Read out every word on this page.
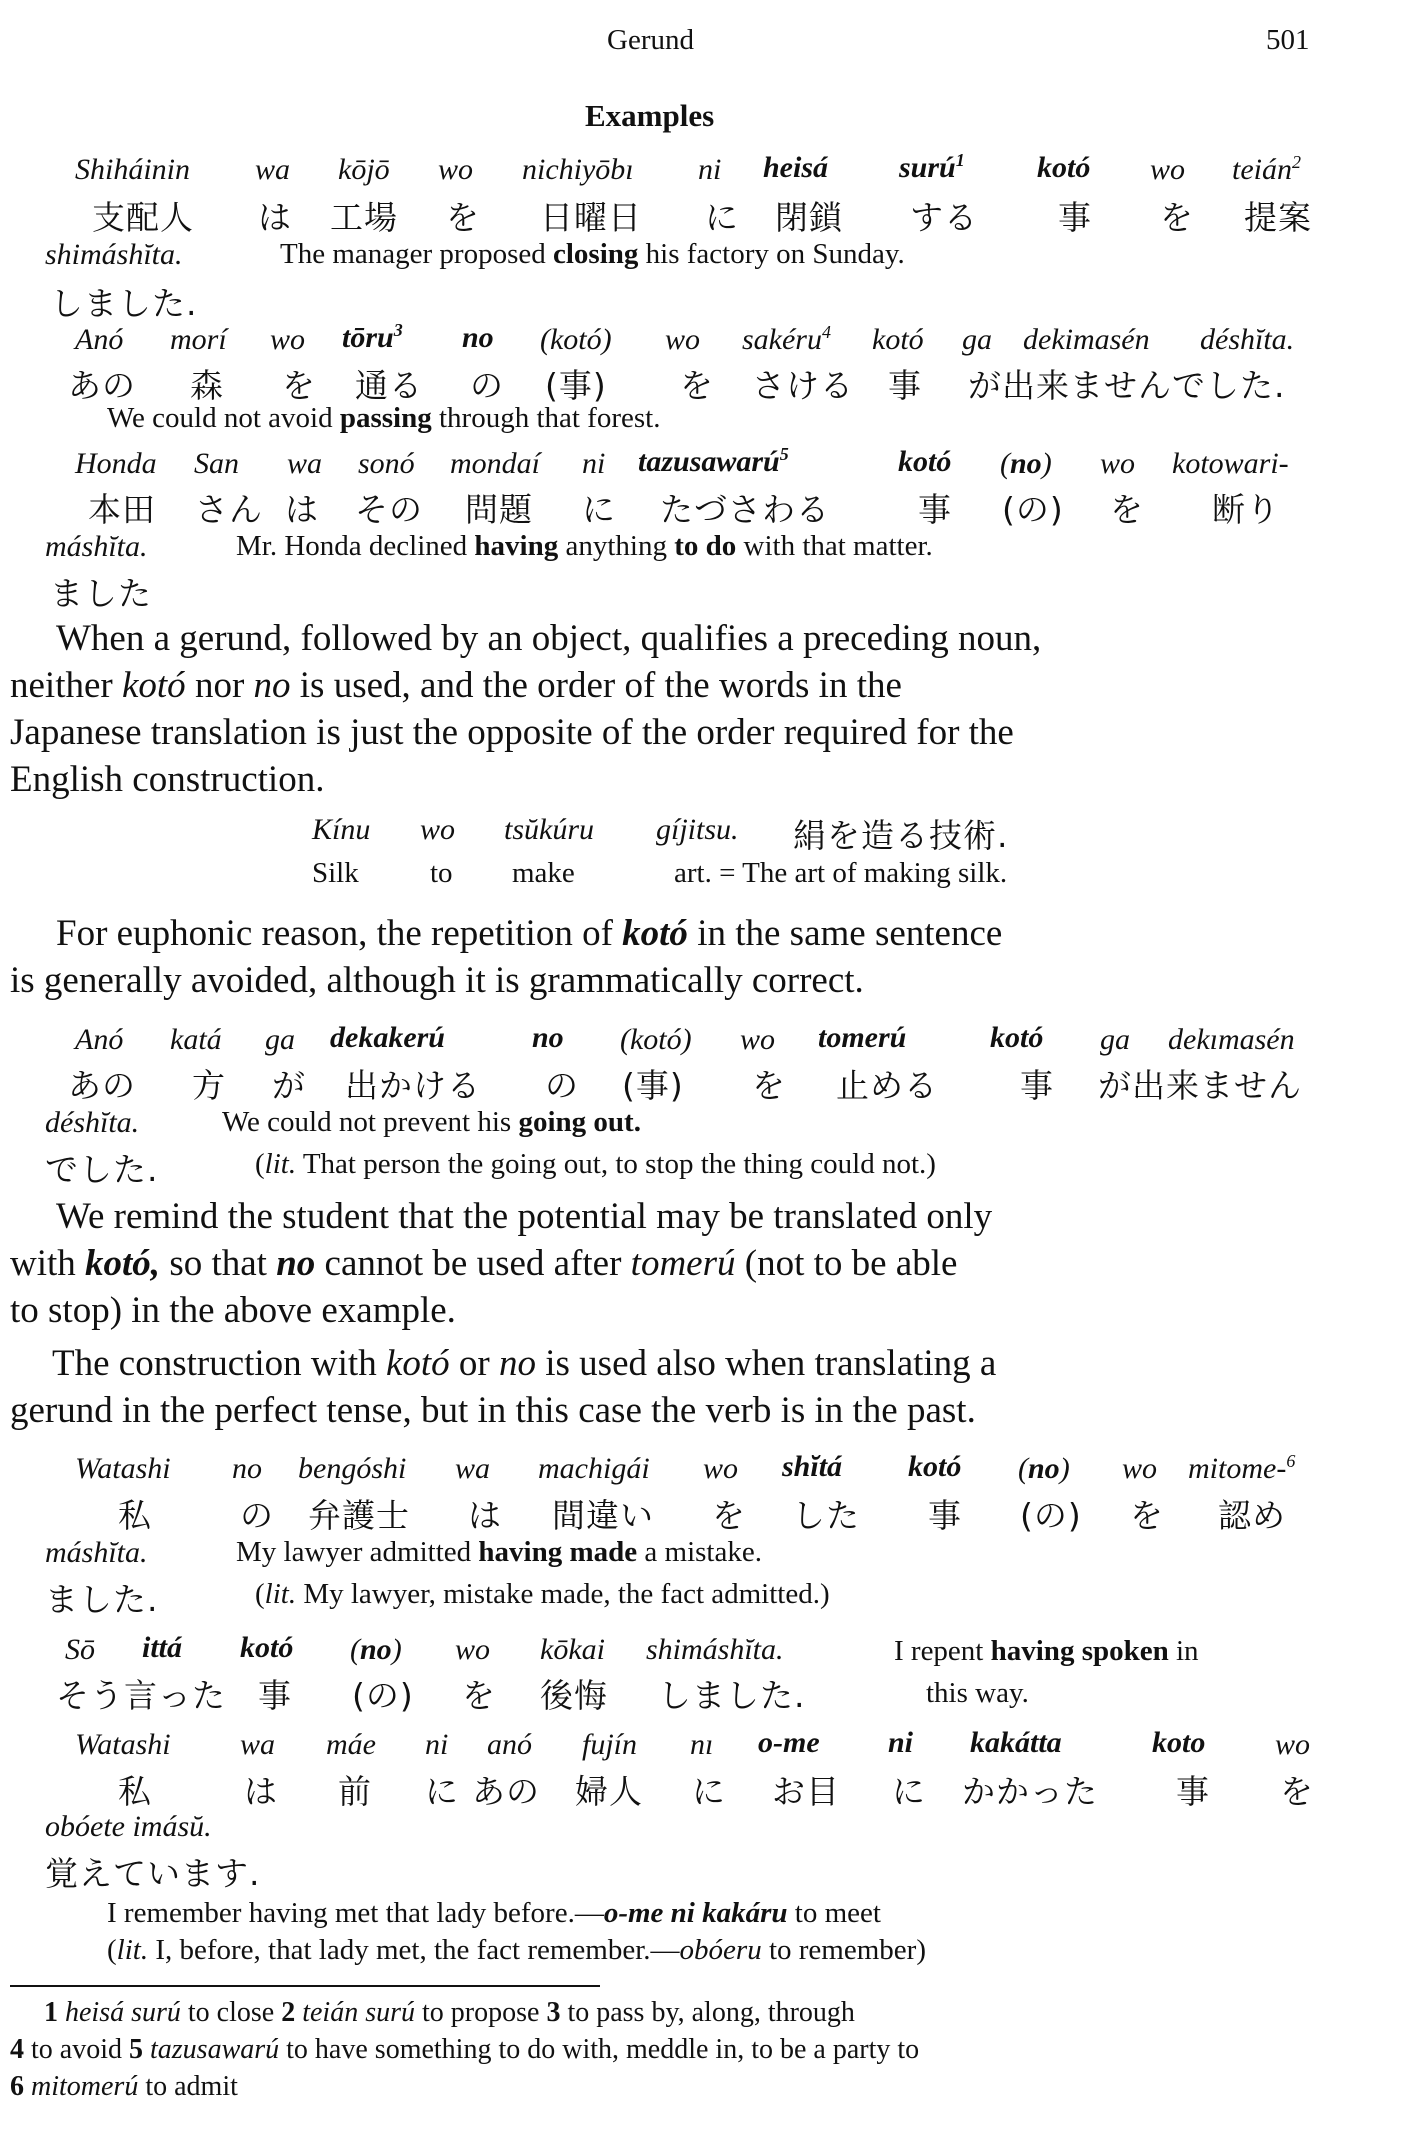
Gerund	501
Examples
Shiháinin wa kōjō wo nichiyōbı ni heisá surú$^1$ kotó wo teián$^2$
支配人 は 工場 を 日曜日 に 閉鎖 する 事 を 提案
shimáshĭta.	The manager proposed closing his factory on Sunday.
しました.
Anó morí wo tōru$^3$ no (kotó) wo sakéru$^4$ kotó ga dekimasén déshĭta.
あの 森 を 通る の (事) を さける 事 が出来ませんでした.
We could not avoid passing through that forest.
Honda San wa sonó mondaí ni tazusawarú$^5$	kotó (no) wo kotowari-
本田 さん は その 問題 に たづさわる	事 (の) を 断り
máshĭta.	Mr. Honda declined having anything to do with that matter.
ました
When a gerund, followed by an object, qualifies a preceding noun,
neither kotó nor no is used, and the order of the words in the
Japanese translation is just the opposite of the order required for the
English construction.
Kínu wo tsŭkúru gíjitsu. 絹を造る技術.
Silk to make	art. = The art of making silk.
For euphonic reason, the repetition of kotó in the same sentence
is generally avoided, although it is grammatically correct.
Anó katá ga dekakerú	no (kotó) wo tomerú	kotó ga dekımasén
あの 方 が 出かける の (事) を 止める 事 が出来ません
déshĭta.	We could not prevent his going out.
でした.	(lit. That person the going out, to stop the thing could not.)
We remind the student that the potential may be translated only
with kotó, so that no cannot be used after tomerú (not to be able
to stop) in the above example.
The construction with kotó or no is used also when translating a
gerund in the perfect tense, but in this case the verb is in the past.
Watashi no bengóshi wa machigái wo shĭtá kotó (no) wo mitome-$^6$
私	の 弁護士 は 間違い を した 事 (の) を 認め
máshĭta.	My lawyer admitted having made a mistake.
ました.	(lit. My lawyer, mistake made, the fact admitted.)
Sō ittá kotó (no) wo kōkai shimáshĭta.	I repent having spoken in
そう言った 事 (の) を 後悔 しました.	this way.
Watashi wa máe ni anó fujín nı o-me ni kakátta	koto wo
私	は 前 に あの 婦人 に お目 に かかった 事 を
obóete imásŭ.
覚えています.
I remember having met that lady before.—o-me ni kakáru to meet
(lit. I, before, that lady met, the fact remember.—obóeru to remember)
1 heisá surú to close 2 teián surú to propose 3 to pass by, along, through
4 to avoid 5 tazusawarú to have something to do with, meddle in, to be a party to
6 mitomerú to admit
